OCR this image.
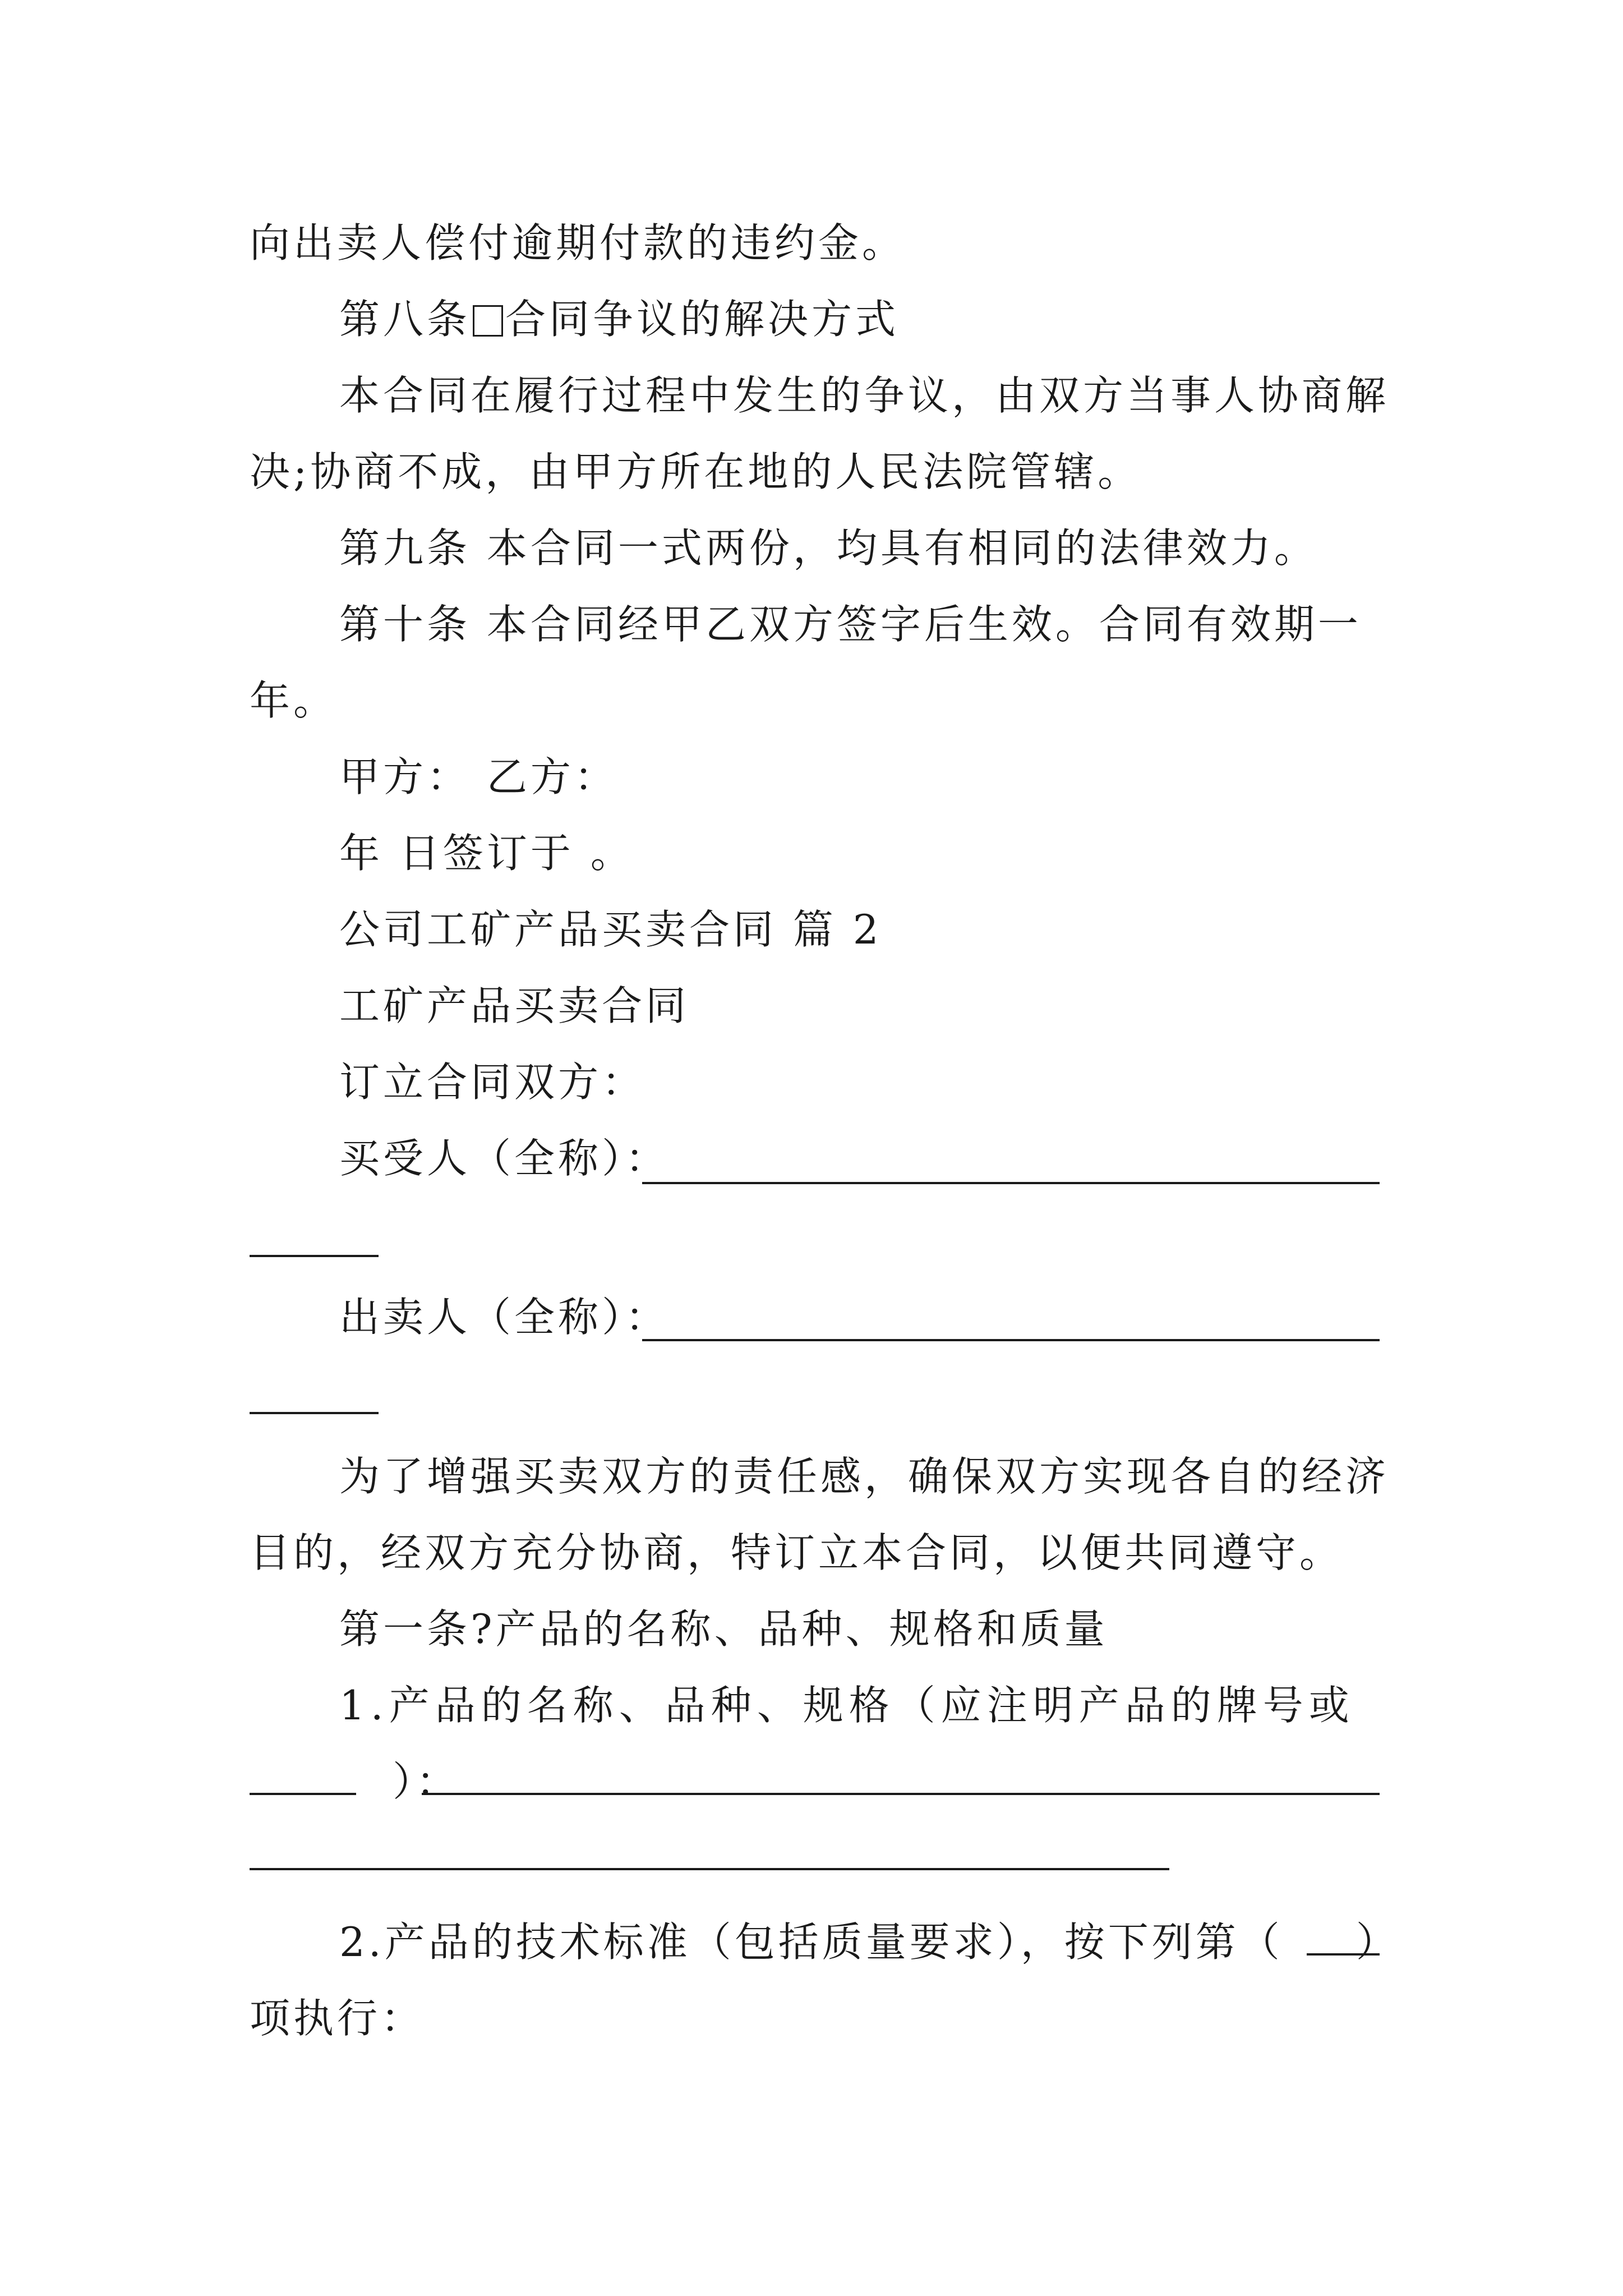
向出卖人偿付逾期付款的违约金。
第八条 合同争议的解决方式
本合同在履行过程中发生的争议，由双方当事人协商解
决;协商不成，由甲方所在地的人民法院管辖。
第九条 本合同一式两份，均具有相同的法律效力。
第十条 本合同经甲乙双方签字后生效。合同有效期一
年。
甲方： 乙方：
年 日签订于 。
公司工矿产品买卖合同 篇 2
工矿产品买卖合同
订立合同双方：
买受人（全称）：
出卖人（全称）：
为了增强买卖双方的责任感，确保双方实现各自的经济
目的，经双方充分协商，特订立本合同，以便共同遵守。
第一条?产品的名称、品种、规格和质量
1.产品的名称、品种、规格（应注明产品的牌号或
）：
2.产品的技术标准（包括质量要求），按下列第（ ）
项执行：
